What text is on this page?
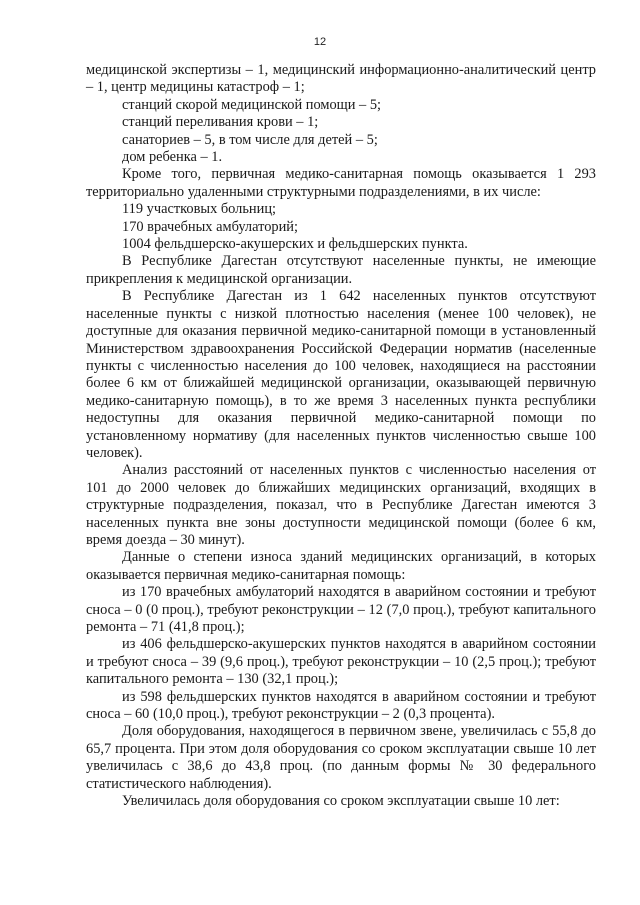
12

медицинской экспертизы – 1, медицинский информационно-аналитический центр – 1, центр медицины катастроф – 1;

станций скорой медицинской помощи – 5;

станций переливания крови – 1;

санаториев – 5, в том числе для детей – 5;

дом ребенка – 1.

Кроме того, первичная медико-санитарная помощь оказывается 1 293 территориально удаленными структурными подразделениями, в их числе:

119 участковых больниц;

170 врачебных амбулаторий;

1004 фельдшерско-акушерских и фельдшерских пункта.

В Республике Дагестан отсутствуют населенные пункты, не имеющие прикрепления к медицинской организации.

В Республике Дагестан из 1 642 населенных пунктов отсутствуют населенные пункты с низкой плотностью населения (менее 100 человек), не доступные для оказания первичной медико-санитарной помощи в установленный Министерством здравоохранения Российской Федерации норматив (населенные пункты с численностью населения до 100 человек, находящиеся на расстоянии более 6 км от ближайшей медицинской организации, оказывающей первичную медико-санитарную помощь), в то же время 3 населенных пункта республики недоступны для оказания первичной медико-санитарной помощи по установленному нормативу (для населенных пунктов численностью свыше 100 человек).

Анализ расстояний от населенных пунктов с численностью населения от 101 до 2000 человек до ближайших медицинских организаций, входящих в структурные подразделения, показал, что в Республике Дагестан имеются 3 населенных пункта вне зоны доступности медицинской помощи (более 6 км, время доезда – 30 минут).

Данные о степени износа зданий медицинских организаций, в которых оказывается первичная медико-санитарная помощь:

из 170 врачебных амбулаторий находятся в аварийном состоянии и требуют сноса – 0 (0 проц.), требуют реконструкции – 12 (7,0 проц.), требуют капитального ремонта – 71 (41,8 проц.);

из 406 фельдшерско-акушерских пунктов находятся в аварийном состоянии и требуют сноса – 39 (9,6 проц.), требуют реконструкции – 10 (2,5 проц.); требуют капитального ремонта – 130 (32,1 проц.);

из 598 фельдшерских пунктов находятся в аварийном состоянии и требуют сноса – 60 (10,0 проц.), требуют реконструкции – 2 (0,3 процента).

Доля оборудования, находящегося в первичном звене, увеличилась с 55,8 до 65,7 процента. При этом доля оборудования со сроком эксплуатации свыше 10 лет увеличилась с 38,6 до 43,8 проц. (по данным формы № 30 федерального статистического наблюдения).

Увеличилась доля оборудования со сроком эксплуатации свыше 10 лет:
